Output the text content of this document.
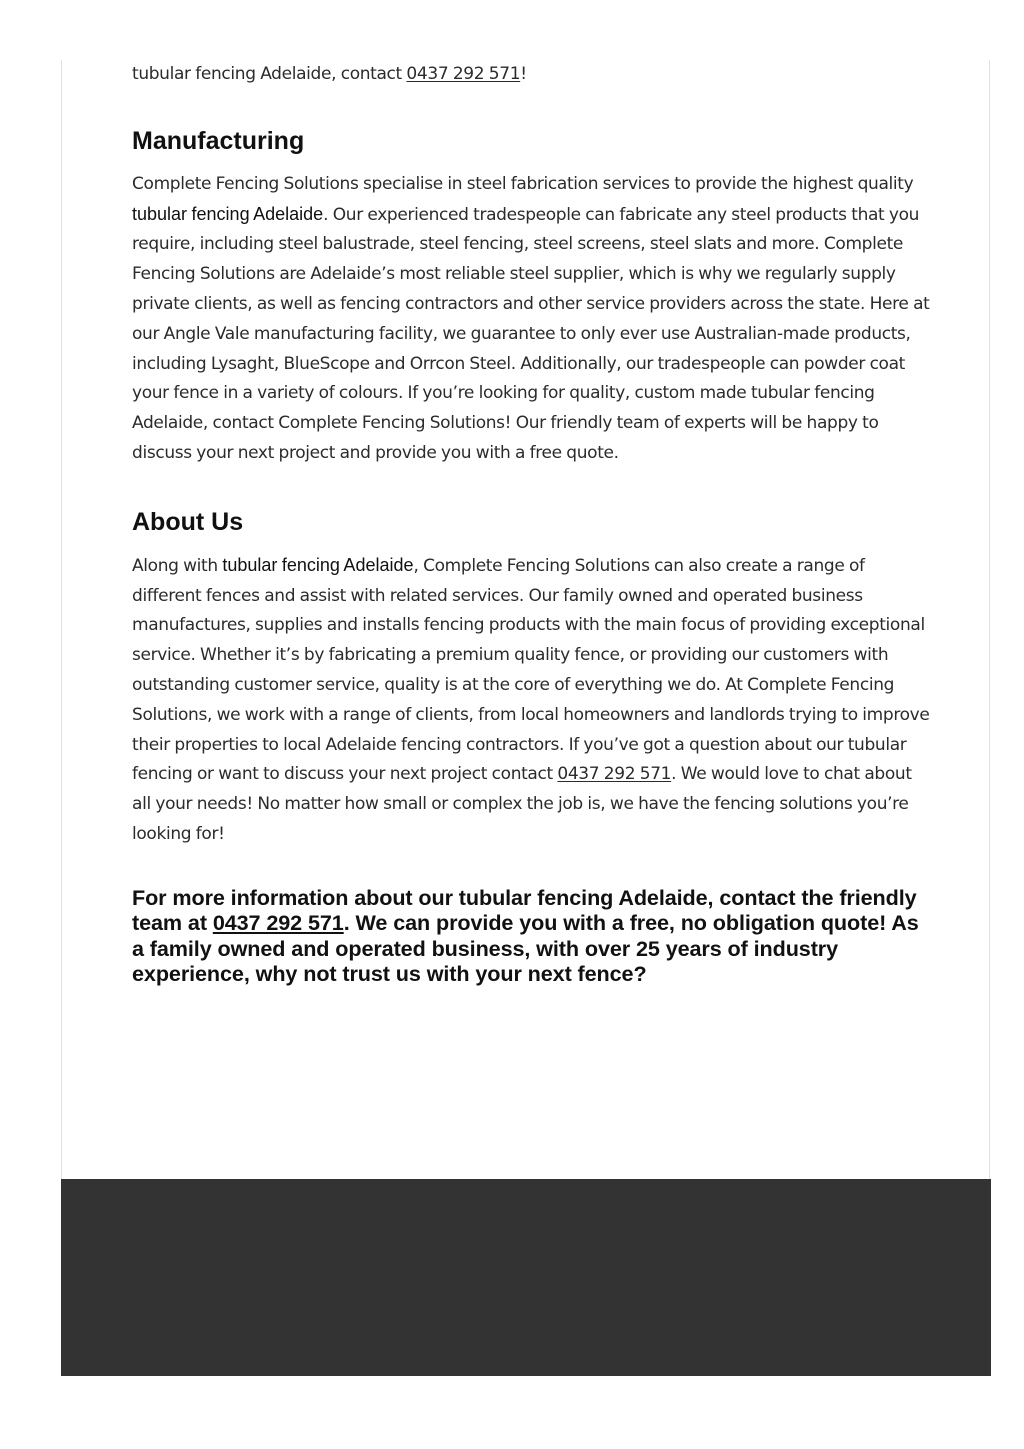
tubular fencing Adelaide, contact 0437 292 571!

Manufacturing

Complete Fencing Solutions specialise in steel fabrication services to provide the highest quality tubular fencing Adelaide. Our experienced tradespeople can fabricate any steel products that you require, including steel balustrade, steel fencing, steel screens, steel slats and more. Complete Fencing Solutions are Adelaide’s most reliable steel supplier, which is why we regularly supply private clients, as well as fencing contractors and other service providers across the state. Here at our Angle Vale manufacturing facility, we guarantee to only ever use Australian-made products, including Lysaght, BlueScope and Orrcon Steel. Additionally, our tradespeople can powder coat your fence in a variety of colours. If you’re looking for quality, custom made tubular fencing Adelaide, contact Complete Fencing Solutions! Our friendly team of experts will be happy to discuss your next project and provide you with a free quote.

About Us

Along with tubular fencing Adelaide, Complete Fencing Solutions can also create a range of different fences and assist with related services. Our family owned and operated business manufactures, supplies and installs fencing products with the main focus of providing exceptional service. Whether it’s by fabricating a premium quality fence, or providing our customers with outstanding customer service, quality is at the core of everything we do. At Complete Fencing Solutions, we work with a range of clients, from local homeowners and landlords trying to improve their properties to local Adelaide fencing contractors. If you’ve got a question about our tubular fencing or want to discuss your next project contact 0437 292 571. We would love to chat about all your needs! No matter how small or complex the job is, we have the fencing solutions you’re looking for!

For more information about our tubular fencing Adelaide, contact the friendly team at 0437 292 571. We can provide you with a free, no obligation quote! As a family owned and operated business, with over 25 years of industry experience, why not trust us with your next fence?
